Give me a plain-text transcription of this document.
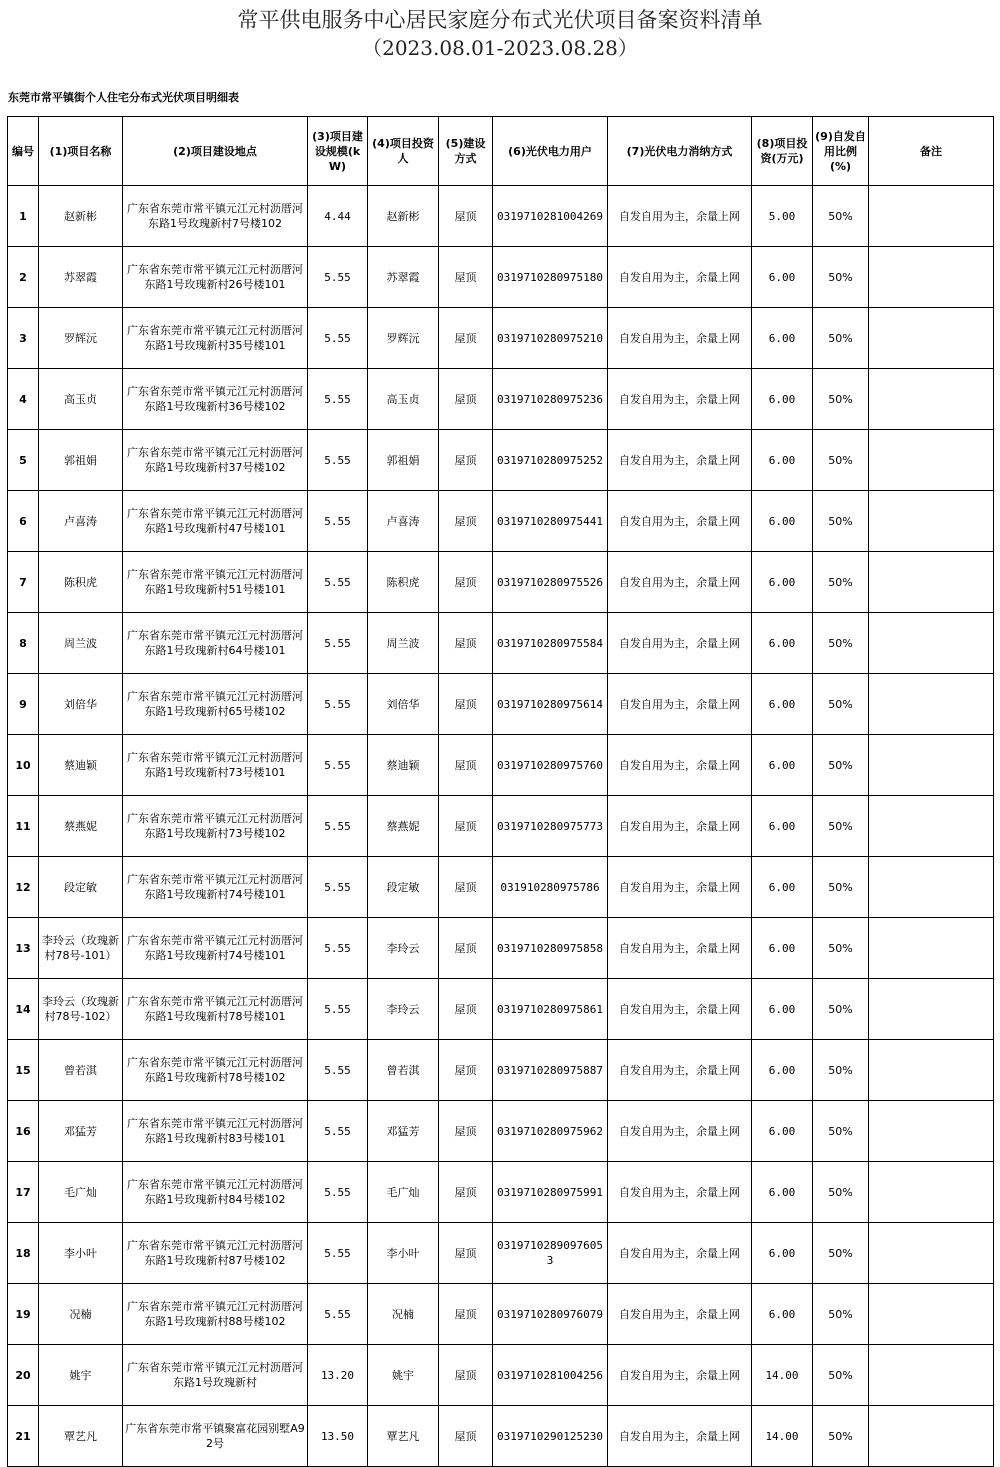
常平供电服务中心居民家庭分布式光伏项目备案资料清单
（2023.08.01-2023.08.28）
东莞市常平镇街个人住宅分布式光伏项目明细表
编号	(1)项目名称	(2)项目建设地点	(3)项目建设规模(kW)	(4)项目投资人	(5)建设方式	(6)光伏电力用户	(7)光伏电力消纳方式	(8)项目投资(万元)	(9)自发自用比例(%)	备注
1	赵新彬	广东省东莞市常平镇元江元村沥厝河东路1号玫瑰新村7号楼102	4.44	赵新彬	屋顶	0319710281004269	自发自用为主，余量上网	5.00	50%	
2	苏翠霞	广东省东莞市常平镇元江元村沥厝河东路1号玫瑰新村26号楼101	5.55	苏翠霞	屋顶	0319710280975180	自发自用为主，余量上网	6.00	50%	
3	罗辉沅	广东省东莞市常平镇元江元村沥厝河东路1号玫瑰新村35号楼101	5.55	罗辉沅	屋顶	0319710280975210	自发自用为主，余量上网	6.00	50%	
4	高玉贞	广东省东莞市常平镇元江元村沥厝河东路1号玫瑰新村36号楼102	5.55	高玉贞	屋顶	0319710280975236	自发自用为主，余量上网	6.00	50%	
5	郭祖娟	广东省东莞市常平镇元江元村沥厝河东路1号玫瑰新村37号楼102	5.55	郭祖娟	屋顶	0319710280975252	自发自用为主，余量上网	6.00	50%	
6	卢喜涛	广东省东莞市常平镇元江元村沥厝河东路1号玫瑰新村47号楼101	5.55	卢喜涛	屋顶	0319710280975441	自发自用为主，余量上网	6.00	50%	
7	陈积虎	广东省东莞市常平镇元江元村沥厝河东路1号玫瑰新村51号楼101	5.55	陈积虎	屋顶	0319710280975526	自发自用为主，余量上网	6.00	50%	
8	周兰波	广东省东莞市常平镇元江元村沥厝河东路1号玫瑰新村64号楼101	5.55	周兰波	屋顶	0319710280975584	自发自用为主，余量上网	6.00	50%	
9	刘倍华	广东省东莞市常平镇元江元村沥厝河东路1号玫瑰新村65号楼102	5.55	刘倍华	屋顶	0319710280975614	自发自用为主，余量上网	6.00	50%	
10	蔡迪颖	广东省东莞市常平镇元江元村沥厝河东路1号玫瑰新村73号楼101	5.55	蔡迪颖	屋顶	0319710280975760	自发自用为主，余量上网	6.00	50%	
11	蔡燕妮	广东省东莞市常平镇元江元村沥厝河东路1号玫瑰新村73号楼102	5.55	蔡燕妮	屋顶	0319710280975773	自发自用为主，余量上网	6.00	50%	
12	段定敏	广东省东莞市常平镇元江元村沥厝河东路1号玫瑰新村74号楼101	5.55	段定敏	屋顶	031910280975786	自发自用为主，余量上网	6.00	50%	
13	李玲云（玫瑰新村78号-101）	广东省东莞市常平镇元江元村沥厝河东路1号玫瑰新村74号楼101	5.55	李玲云	屋顶	0319710280975858	自发自用为主，余量上网	6.00	50%	
14	李玲云（玫瑰新村78号-102）	广东省东莞市常平镇元江元村沥厝河东路1号玫瑰新村78号楼101	5.55	李玲云	屋顶	0319710280975861	自发自用为主，余量上网	6.00	50%	
15	曾若淇	广东省东莞市常平镇元江元村沥厝河东路1号玫瑰新村78号楼102	5.55	曾若淇	屋顶	0319710280975887	自发自用为主，余量上网	6.00	50%	
16	邓猛芳	广东省东莞市常平镇元江元村沥厝河东路1号玫瑰新村83号楼101	5.55	邓猛芳	屋顶	0319710280975962	自发自用为主，余量上网	6.00	50%	
17	毛广灿	广东省东莞市常平镇元江元村沥厝河东路1号玫瑰新村84号楼102	5.55	毛广灿	屋顶	0319710280975991	自发自用为主，余量上网	6.00	50%	
18	李小叶	广东省东莞市常平镇元江元村沥厝河东路1号玫瑰新村87号楼102	5.55	李小叶	屋顶	03197102890976053	自发自用为主，余量上网	6.00	50%	
19	况楠	广东省东莞市常平镇元江元村沥厝河东路1号玫瑰新村88号楼102	5.55	况楠	屋顶	0319710280976079	自发自用为主，余量上网	6.00	50%	
20	姚宇	广东省东莞市常平镇元江元村沥厝河东路1号玫瑰新村	13.20	姚宇	屋顶	0319710281004256	自发自用为主，余量上网	14.00	50%	
21	覃艺凡	广东省东莞市常平镇聚富花园别墅A92号	13.50	覃艺凡	屋顶	0319710290125230	自发自用为主，余量上网	14.00	50%	
